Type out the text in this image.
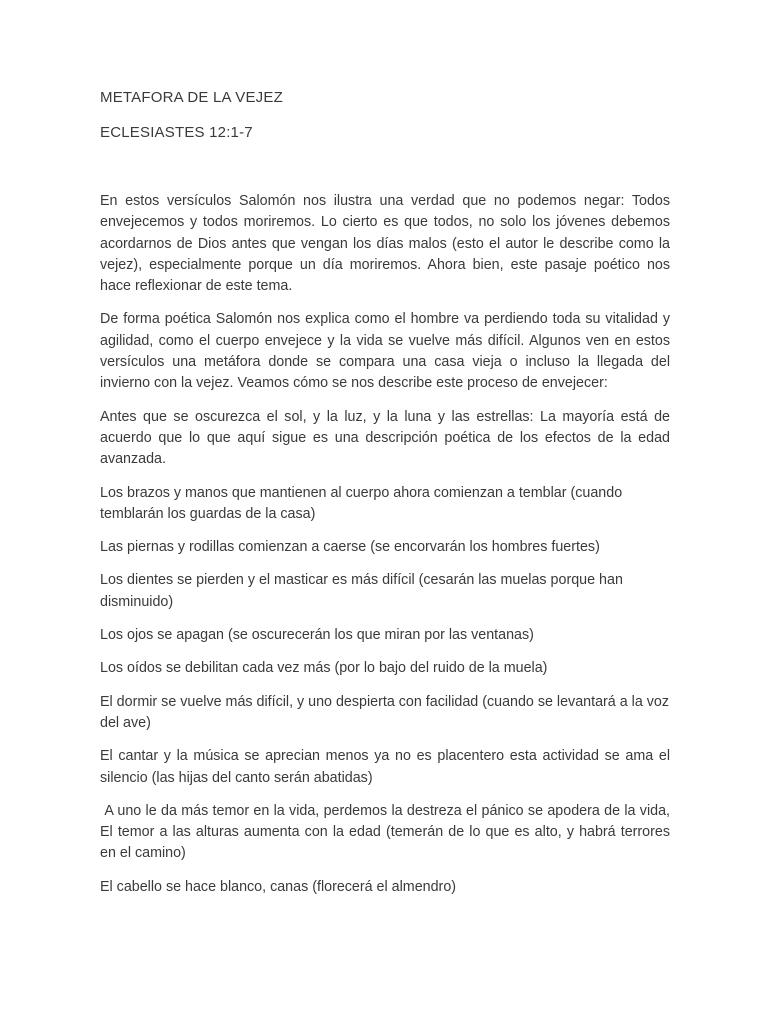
METAFORA DE LA VEJEZ
ECLESIASTES 12:1-7

En estos versículos Salomón nos ilustra una verdad que no podemos negar: Todos envejecemos y todos moriremos. Lo cierto es que todos, no solo los jóvenes debemos acordarnos de Dios antes que vengan los días malos (esto el autor le describe como la vejez), especialmente porque un día moriremos. Ahora bien, este pasaje poético nos hace reflexionar de este tema.

De forma poética Salomón nos explica como el hombre va perdiendo toda su vitalidad y agilidad, como el cuerpo envejece y la vida se vuelve más difícil. Algunos ven en estos versículos una metáfora donde se compara una casa vieja o incluso la llegada del invierno con la vejez. Veamos cómo se nos describe este proceso de envejecer:

Antes que se oscurezca el sol, y la luz, y la luna y las estrellas: La mayoría está de acuerdo que lo que aquí sigue es una descripción poética de los efectos de la edad avanzada.

Los brazos y manos que mantienen al cuerpo ahora comienzan a temblar (cuando temblarán los guardas de la casa)

Las piernas y rodillas comienzan a caerse (se encorvarán los hombres fuertes)

Los dientes se pierden y el masticar es más difícil (cesarán las muelas porque han disminuido)

Los ojos se apagan (se oscurecerán los que miran por las ventanas)

Los oídos se debilitan cada vez más (por lo bajo del ruido de la muela)

El dormir se vuelve más difícil, y uno despierta con facilidad (cuando se levantará a la voz del ave)

El cantar y la música se aprecian menos ya no es placentero esta actividad se ama el silencio (las hijas del canto serán abatidas)

A uno le da más temor en la vida, perdemos la destreza el pánico se apodera de la vida, El temor a las alturas aumenta con la edad (temerán de lo que es alto, y habrá terrores en el camino)

El cabello se hace blanco, canas (florecerá el almendro)
